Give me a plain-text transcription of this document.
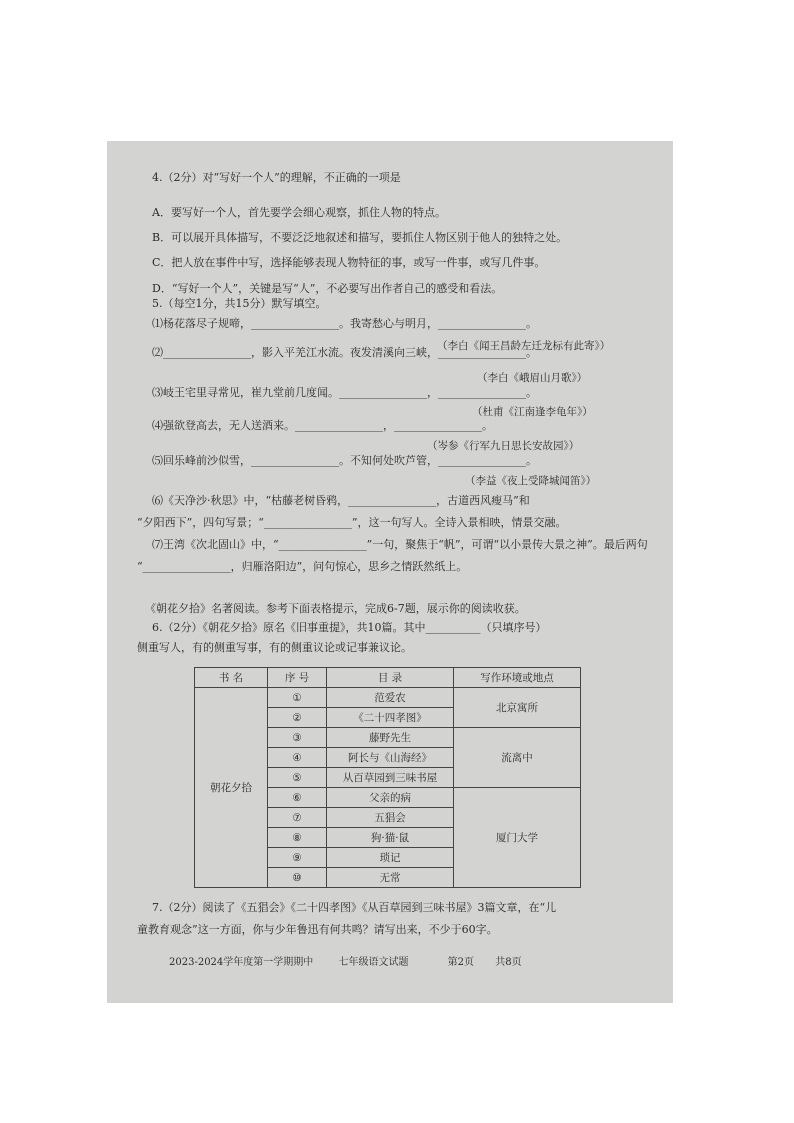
4.（2分）对“写好一个人”的理解，不正确的一项是
A．要写好一个人，首先要学会细心观察，抓住人物的特点。
B．可以展开具体描写，不要泛泛地叙述和描写，要抓住人物区别于他人的独特之处。
C．把人放在事件中写，选择能够表现人物特征的事，或写一件事，或写几件事。
D．“写好一个人”，关键是写“人”，不必要写出作者自己的感受和看法。
5.（每空1分，共15分）默写填空。
⑴杨花落尽子规啼，________________。我寄愁心与明月，________________。
（李白《闻王昌龄左迁龙标有此寄》）
⑵________________，影入平羌江水流。夜发清溪向三峡，________________。
（李白《峨眉山月歌》）
⑶岐王宅里寻常见，崔九堂前几度闻。________________，________________。
（杜甫《江南逢李龟年》）
⑷强欲登高去，无人送酒来。________________，________________。
（岑参《行军九日思长安故园》）
⑸回乐峰前沙似雪，________________。不知何处吹芦管，________________。
（李益《夜上受降城闻笛》）
⑹《天净沙·秋思》中，“枯藤老树昏鸦，________________，古道西风瘦马”和
“夕阳西下”，四句写景；“________________”，这一句写人。全诗入景相映，情景交融。
⑺王湾《次北固山》中，“________________”一句，聚焦于“帆”，可谓“以小景传大景之神”。最后两句
“________________，归雁洛阳边”，问句惊心，思乡之情跃然纸上。
《朝花夕拾》名著阅读。参考下面表格提示，完成6-7题，展示你的阅读收获。
6.（2分）《朝花夕拾》原名《旧事重提》，共10篇。其中__________（只填序号）
侧重写人，有的侧重写事，有的侧重议论或记事兼议论。
书 名	序 号	目 录	写作环境或地点
朝花夕拾	①	范爱农	北京寓所
	②	《二十四孝图》	
	③	藤野先生	流离中
	④	阿长与《山海经》	
	⑤	从百草园到三味书屋	
	⑥	父亲的病	厦门大学
	⑦	五猖会	
	⑧	狗·猫·鼠	
	⑨	琐记	
	⑩	无常	
7.（2分）阅读了《五猖会》《二十四孝图》《从百草园到三味书屋》3篇文章，在“儿
童教育观念”这一方面，你与少年鲁迅有何共鸣？请写出来，不少于60字。
2023-2024学年度第一学期期中	七年级语文试题	第2页 共8页
